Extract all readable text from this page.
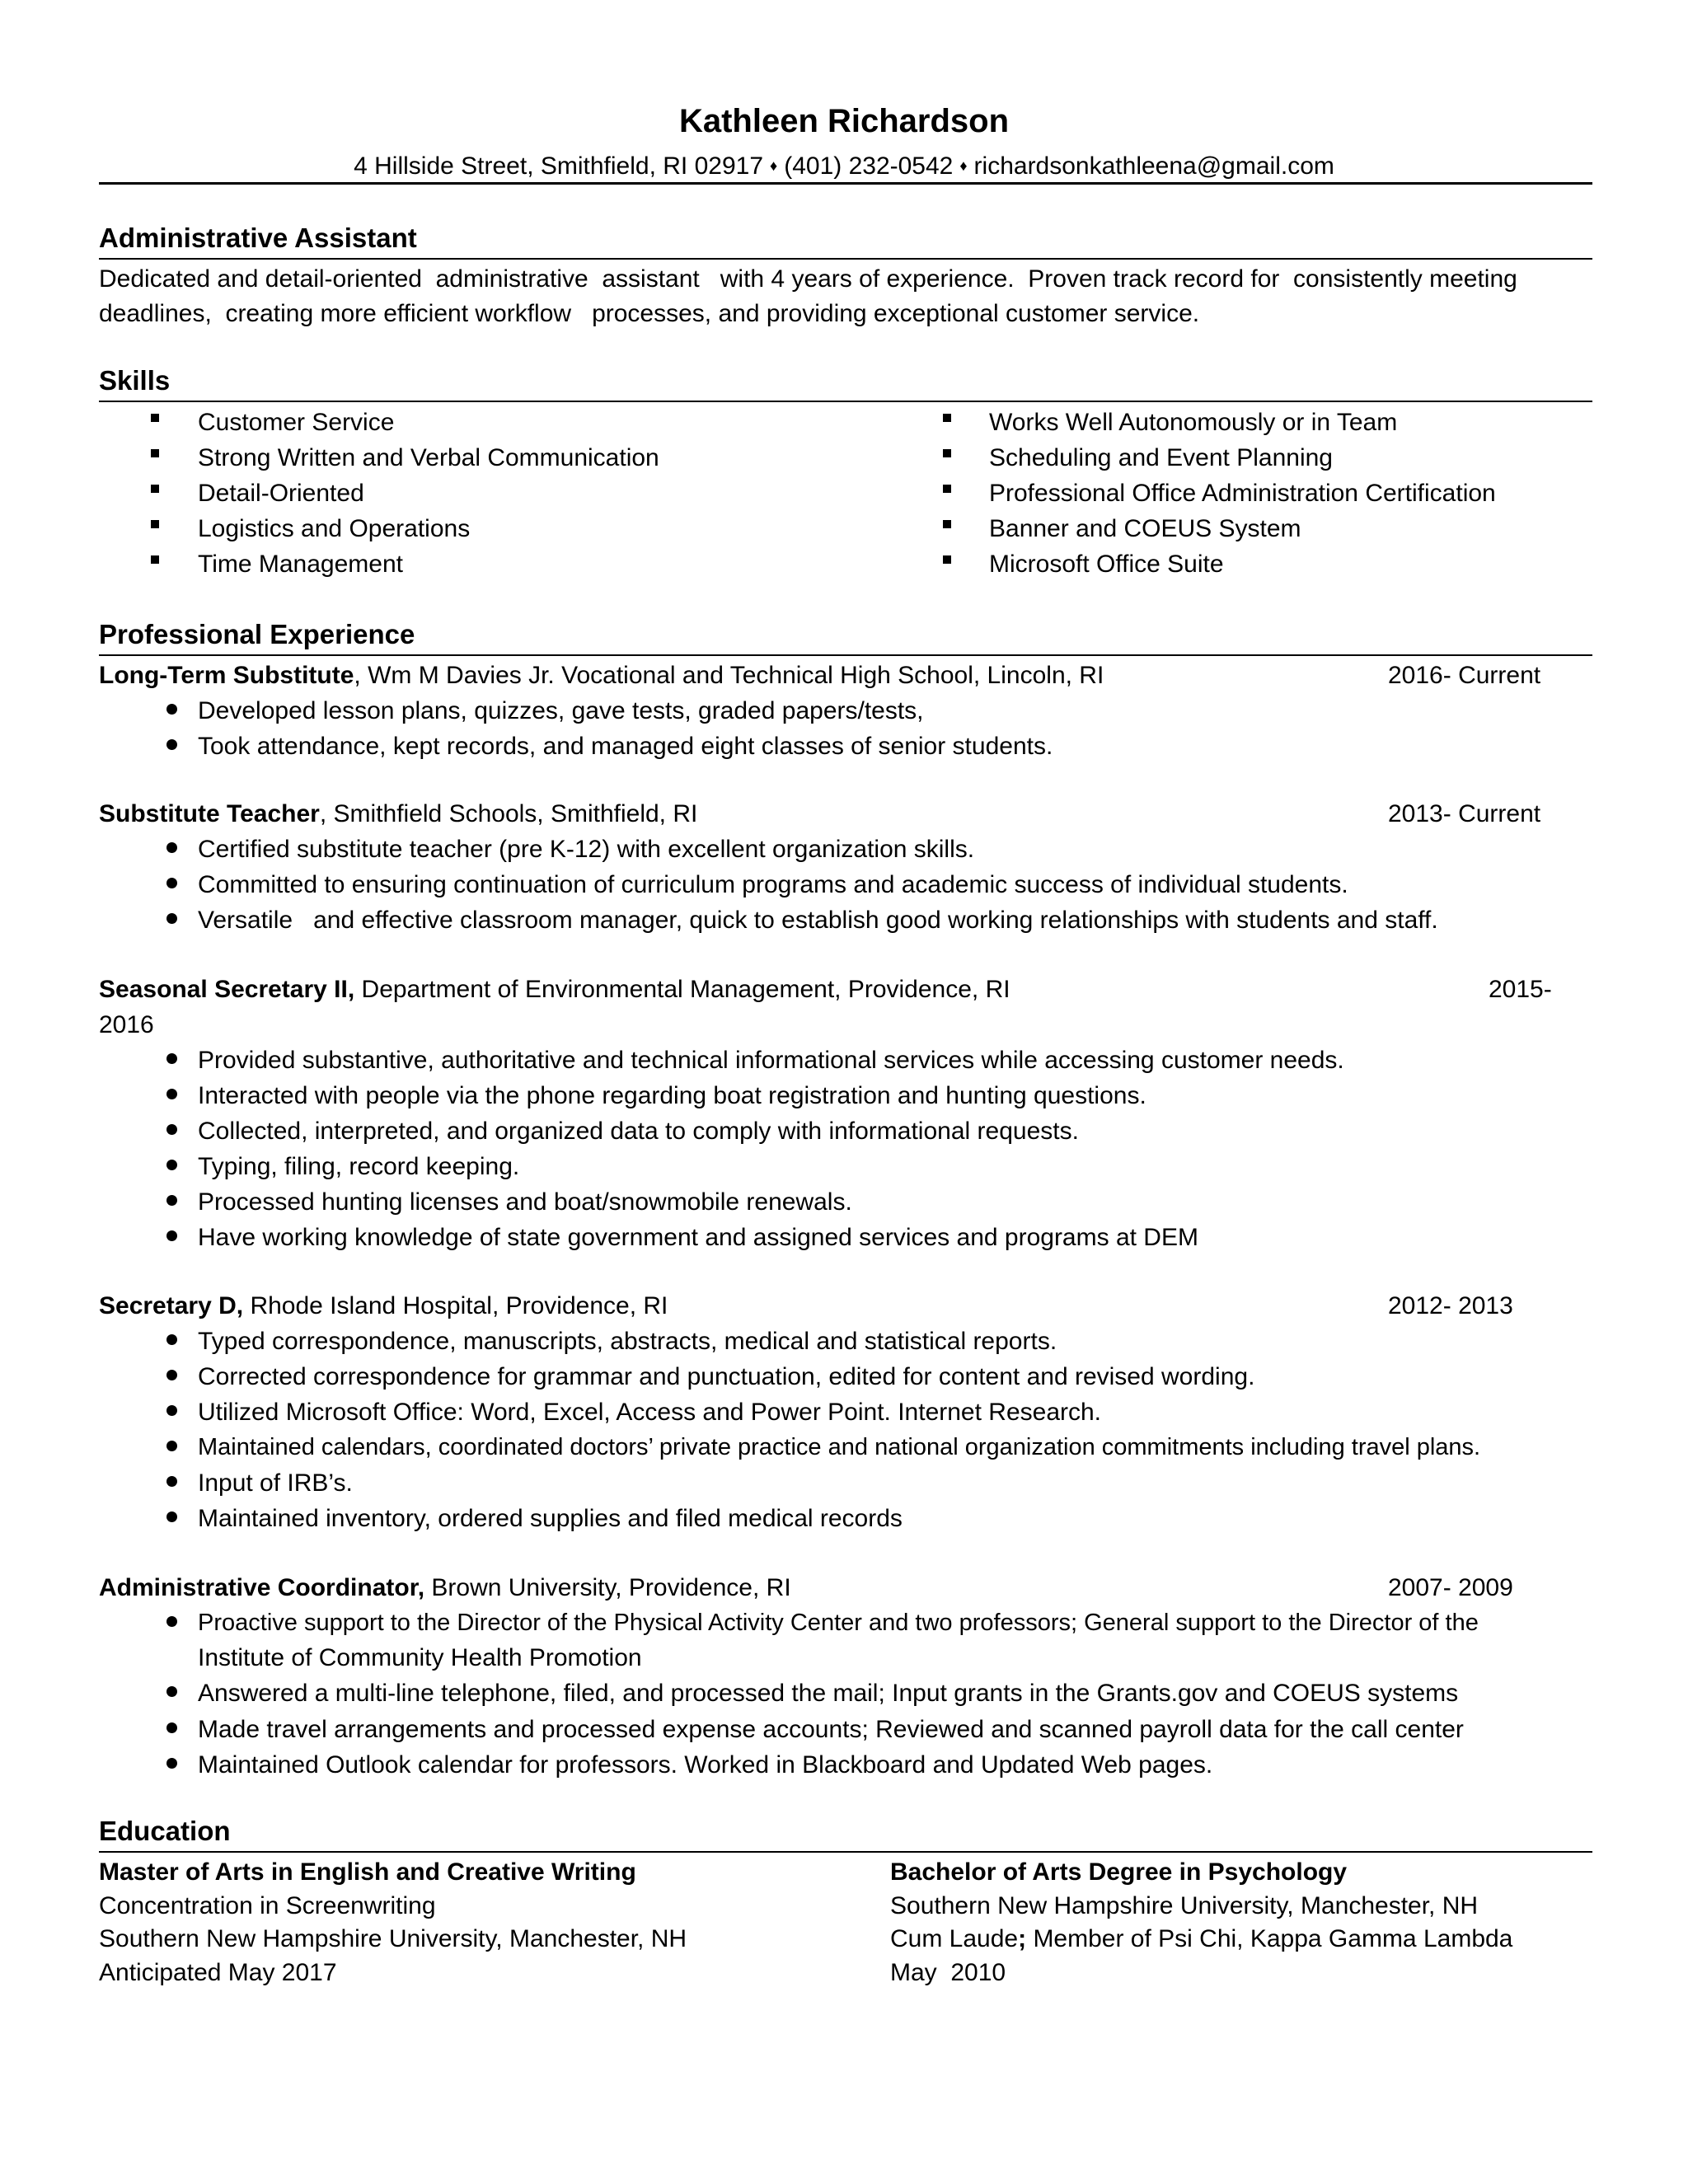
Kathleen Richardson
4 Hillside Street, Smithfield, RI 02917 ♦ (401) 232-0542 ♦ richardsonkathleena@gmail.com
Administrative Assistant
Dedicated and detail-oriented  administrative  assistant   with 4 years of experience.  Proven track record for  consistently meeting
deadlines,  creating more efficient workflow   processes, and providing exceptional customer service.
Skills
Customer Service
Strong Written and Verbal Communication
Detail-Oriented
Logistics and Operations
Time Management
Works Well Autonomously or in Team
Scheduling and Event Planning
Professional Office Administration Certification
Banner and COEUS System
Microsoft Office Suite
Professional Experience
Long-Term Substitute, Wm M Davies Jr. Vocational and Technical High School, Lincoln, RI	2016- Current
Developed lesson plans, quizzes, gave tests, graded papers/tests,
Took attendance, kept records, and managed eight classes of senior students.
Substitute Teacher, Smithfield Schools, Smithfield, RI	2013- Current
Certified substitute teacher (pre K-12) with excellent organization skills.
Committed to ensuring continuation of curriculum programs and academic success of individual students.
Versatile   and effective classroom manager, quick to establish good working relationships with students and staff.
Seasonal Secretary II, Department of Environmental Management, Providence, RI	2015-
2016
Provided substantive, authoritative and technical informational services while accessing customer needs.
Interacted with people via the phone regarding boat registration and hunting questions.
Collected, interpreted, and organized data to comply with informational requests.
Typing, filing, record keeping.
Processed hunting licenses and boat/snowmobile renewals.
Have working knowledge of state government and assigned services and programs at DEM
Secretary D, Rhode Island Hospital, Providence, RI	2012- 2013
Typed correspondence, manuscripts, abstracts, medical and statistical reports.
Corrected correspondence for grammar and punctuation, edited for content and revised wording.
Utilized Microsoft Office: Word, Excel, Access and Power Point. Internet Research.
Maintained calendars, coordinated doctors’ private practice and national organization commitments including travel plans.
Input of IRB’s.
Maintained inventory, ordered supplies and filed medical records
Administrative Coordinator, Brown University, Providence, RI	2007- 2009
Proactive support to the Director of the Physical Activity Center and two professors; General support to the Director of the
Institute of Community Health Promotion
Answered a multi-line telephone, filed, and processed the mail; Input grants in the Grants.gov and COEUS systems
Made travel arrangements and processed expense accounts; Reviewed and scanned payroll data for the call center
Maintained Outlook calendar for professors. Worked in Blackboard and Updated Web pages.
Education
Master of Arts in English and Creative Writing
Concentration in Screenwriting
Southern New Hampshire University, Manchester, NH
Anticipated May 2017
Bachelor of Arts Degree in Psychology
Southern New Hampshire University, Manchester, NH
Cum Laude; Member of Psi Chi, Kappa Gamma Lambda
May  2010
